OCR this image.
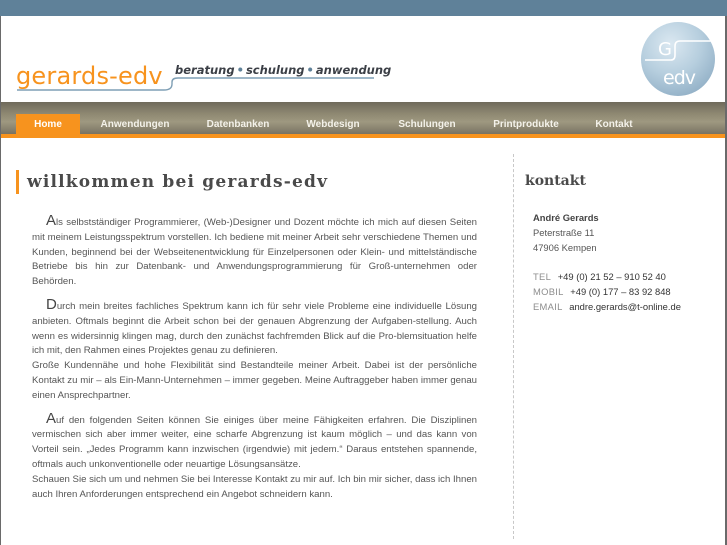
gerards-edv beratung • schulung • anwendung
G
edv
Home	Anwendungen	Datenbanken	Webdesign	Schulungen	Printprodukte	Kontakt
willkommen bei gerards-edv

Als selbstständiger Programmierer, (Web-)Designer und Dozent möchte ich mich auf diesen Seiten mit meinem Leistungsspektrum vorstellen. Ich bediene mit meiner Arbeit sehr verschiedene Themen und Kunden, beginnend bei der Webseitenentwicklung für Einzelpersonen oder Klein- und mittelständische Betriebe bis hin zur Datenbank- und Anwendungsprogrammierung für Groß-unternehmen oder Behörden.

Durch mein breites fachliches Spektrum kann ich für sehr viele Probleme eine individuelle Lösung anbieten. Oftmals beginnt die Arbeit schon bei der genauen Abgrenzung der Aufgaben-stellung. Auch wenn es widersinnig klingen mag, durch den zunächst fachfremden Blick auf die Pro-blemsituation helfe ich mit, den Rahmen eines Projektes genau zu definieren.
Große Kundennähe und hohe Flexibilität sind Bestandteile meiner Arbeit. Dabei ist der persönliche Kontakt zu mir – als Ein-Mann-Unternehmen – immer gegeben. Meine Auftraggeber haben immer genau einen Ansprechpartner.

Auf den folgenden Seiten können Sie einiges über meine Fähigkeiten erfahren. Die Disziplinen vermischen sich aber immer weiter, eine scharfe Abgrenzung ist kaum möglich – und das kann von Vorteil sein. „Jedes Programm kann inzwischen (irgendwie) mit jedem.“ Daraus entstehen spannende, oftmals auch unkonventionelle oder neuartige Lösungsansätze.
Schauen Sie sich um und nehmen Sie bei Interesse Kontakt zu mir auf. Ich bin mir sicher, dass ich Ihnen auch Ihren Anforderungen entsprechend ein Angebot schneidern kann.

kontakt
André Gerards
Peterstraße 11
47906 Kempen
TEL +49 (0) 21 52 – 910 52 40
MOBIL +49 (0) 177 – 83 92 848
EMAIL andre.gerards@t-online.de
